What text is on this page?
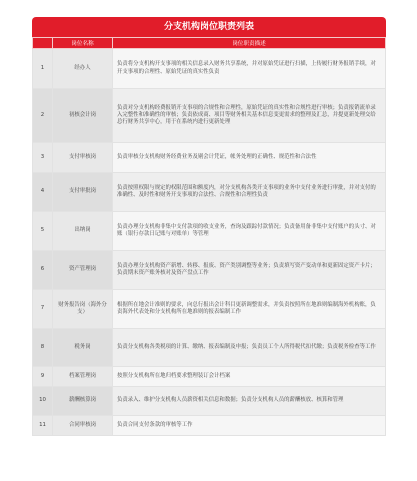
分支机构岗位职责列表
	岗位名称	岗位职责描述
1	经办人	负责将分支机构开支事项的相关信息录入财务共享系统，并对原始凭证进行扫描，上传履行财务报销手续，对开支事项的合理性、原始凭证的真实性负责
2	初核会计岗	负责对分支机构经费报销开支事项的合规性和合理性，原始凭证的真实性和合规性进行审核；负责报销流单录入完整性和准确性的审核；负责依成商、项目等财务相关基本信息变更需求的整理及汇总，并提更新处理交给总行财务共享中心，用于在系统内进行更新处理
3	支付审核岗	负责审核分支机构财务经费业务及剔会计凭证，帐务处理的正确性、规范性和合法性
4	支付审批岗	负责按照权限与规定的权限范围和额度内，对分支机构各类开支事项的业务中支付业务进行审批，并对支付的准确性、及时性和财务开支事项的合法性、合规性和合理性负责
5	出纳岗	负责办理分支机构非集中支付款项的收支业务，查询及跟踪付款情况；负责备用备非集中支付账户的头寸、对账（银行存款日记账与对账单）等管理
6	资产管理岗	负责办理分支机构资产新增、转移、报废、资产类别调整等业务；负责填写资产变动单和更新固定资产卡片；负责期末资产账务核对及资产盘点工作
7	财务报告岗（海外分支）	根据所在地会计准则的要求，向总行报出会计科目更新调整需求，并负责按照所在地准则编制海外机构账，负责海外代表处和分支机构所在地准则的报表编制工作
8	税务岗	负责分支机构各类税项的计算、缴纳、报表编制及申报；负责员工个人所得税代扣代缴；负责税务检查等工作
9	档案管理岗	按照分支机构所在地归档要求整理装订会计档案
10	薪酬核算岗	负责录入、维护分支机构人员薪资相关信息和数据；负责分支机构人员的薪酬核放、核算和管理
11	合同审核岗	负责合同支付条款的审核等工作
